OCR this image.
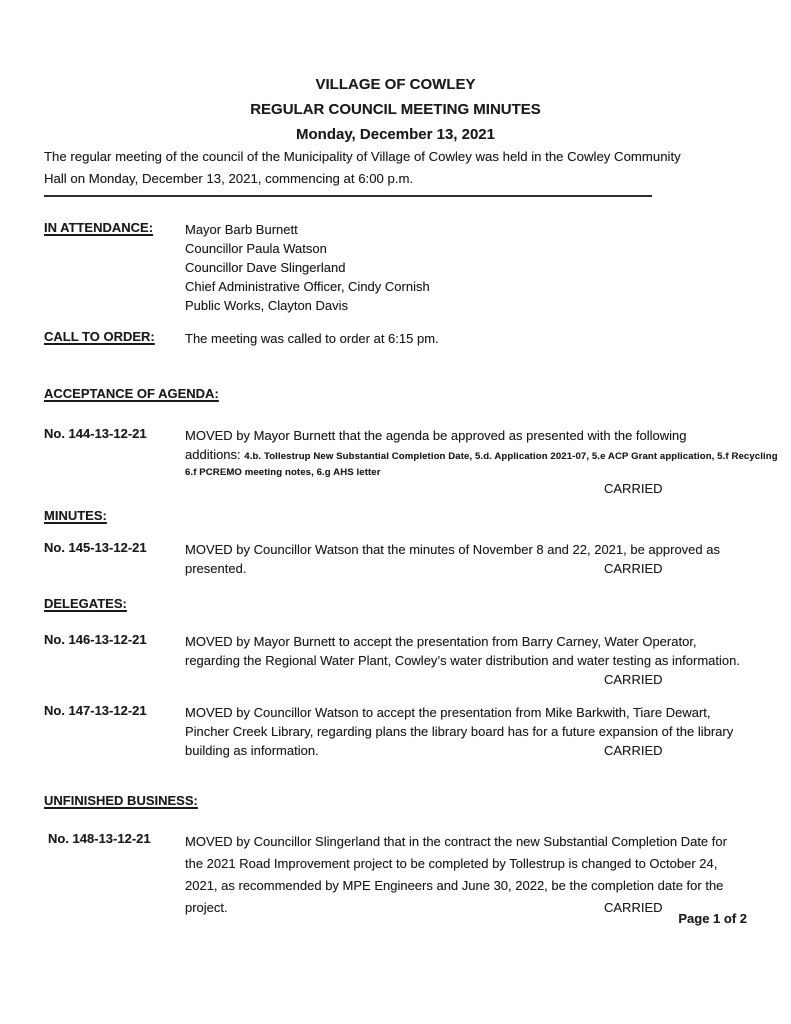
VILLAGE OF COWLEY
REGULAR COUNCIL MEETING MINUTES
Monday, December 13, 2021
The regular meeting of the council of the Municipality of Village of Cowley was held in the Cowley Community
Hall on Monday, December 13, 2021, commencing at 6:00 p.m.
IN ATTENDANCE:	Mayor Barb Burnett
Councillor Paula Watson
Councillor Dave Slingerland
Chief Administrative Officer, Cindy Cornish
Public Works, Clayton Davis
CALL TO ORDER:	The meeting was called to order at 6:15 pm.
ACCEPTANCE OF AGENDA:
No. 144-13-12-21	MOVED by Mayor Burnett that the agenda be approved as presented with the following
additions: 4.b. Tollestrup New Substantial Completion Date, 5.d. Application 2021-07, 5.e ACP Grant application, 5.f Recycling
6.f PCREMO meeting notes, 6.g AHS letter
CARRIED
MINUTES:
No. 145-13-12-21	MOVED by Councillor Watson that the minutes of November 8 and 22, 2021, be approved as
presented.	CARRIED
DELEGATES:
No. 146-13-12-21	MOVED by Mayor Burnett to accept the presentation from Barry Carney, Water Operator,
regarding the Regional Water Plant, Cowley’s water distribution and water testing as information.
CARRIED
No. 147-13-12-21	MOVED by Councillor Watson to accept the presentation from Mike Barkwith, Tiare Dewart,
Pincher Creek Library, regarding plans the library board has for a future expansion of the library
building as information.	CARRIED
UNFINISHED BUSINESS:
No. 148-13-12-21	MOVED by Councillor Slingerland that in the contract the new Substantial Completion Date for
the 2021 Road Improvement project to be completed by Tollestrup is changed to October 24,
2021, as recommended by MPE Engineers and June 30, 2022, be the completion date for the
project.	CARRIED
Page 1 of 2
